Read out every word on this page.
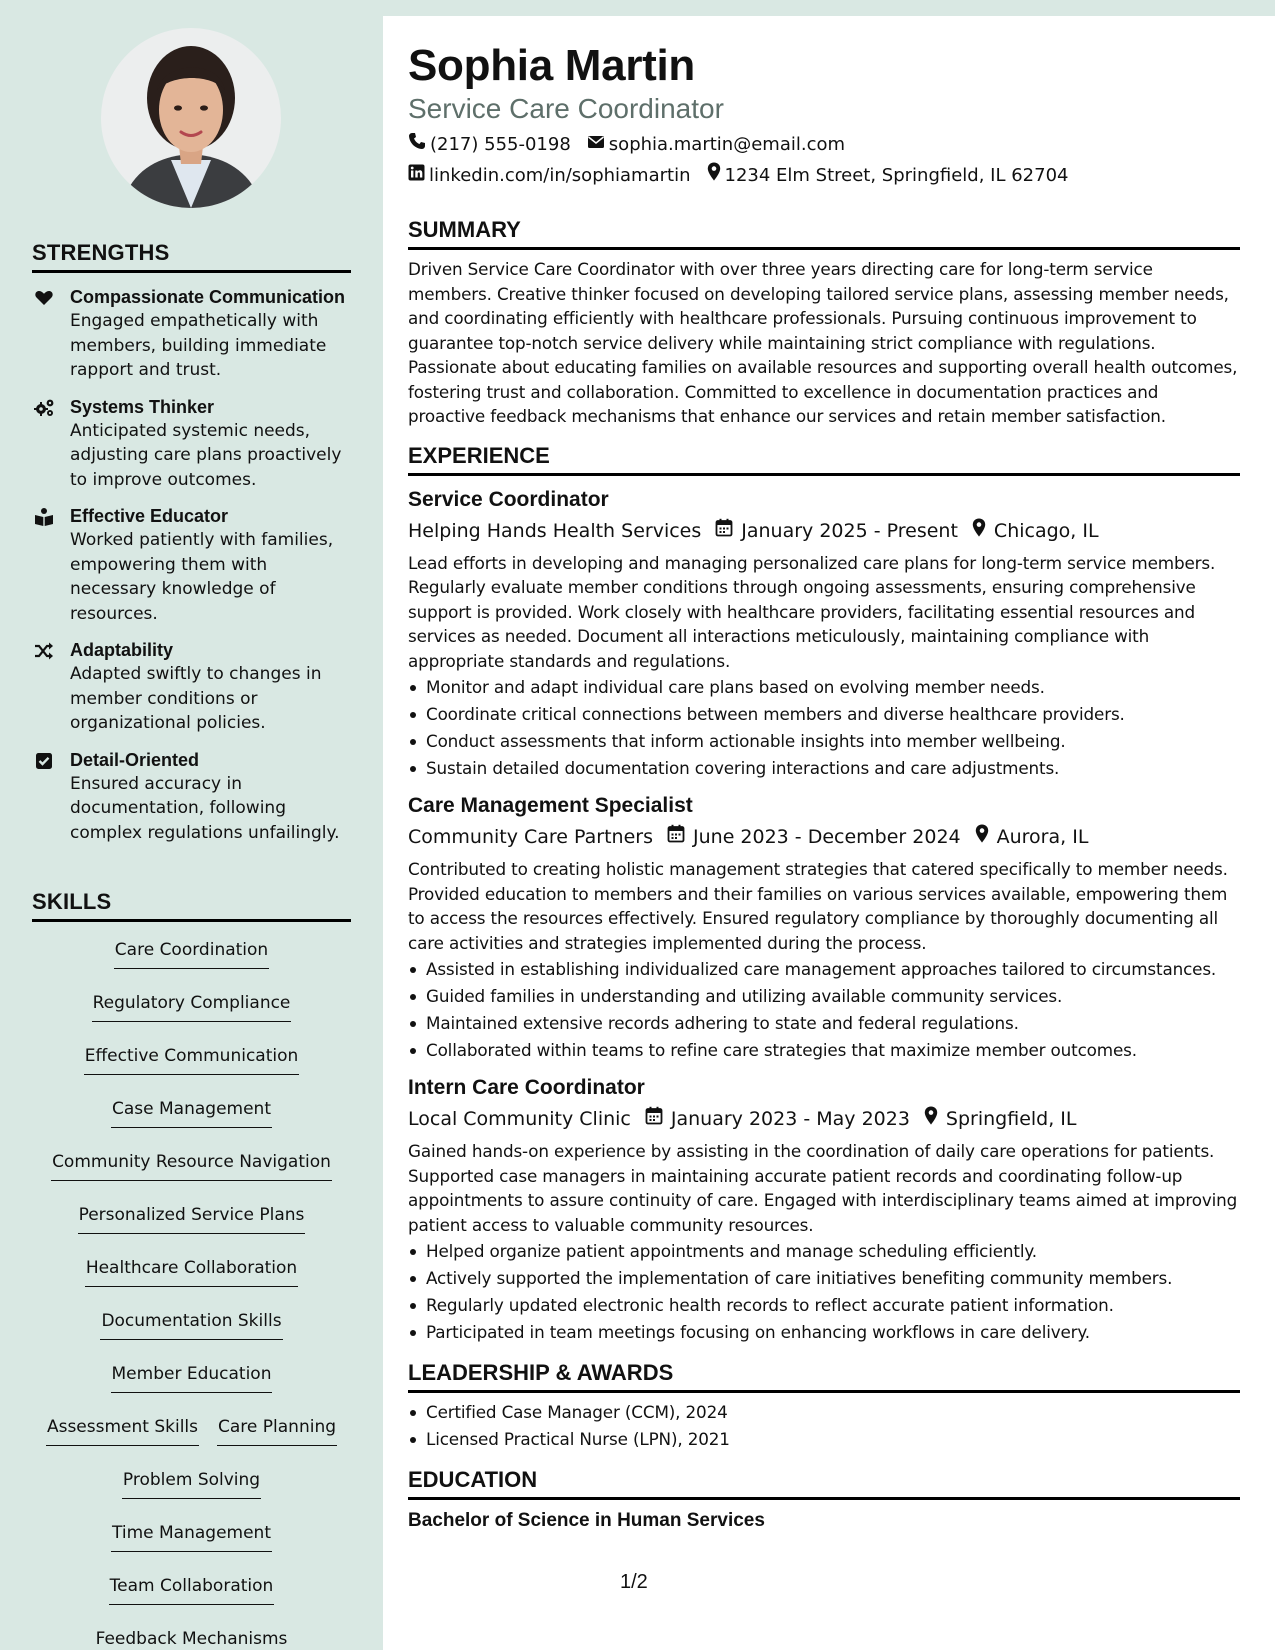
STRENGTHS
Compassionate Communication
Engaged empathetically with members, building immediate rapport and trust.
Systems Thinker
Anticipated systemic needs, adjusting care plans proactively to improve outcomes.
Effective Educator
Worked patiently with families, empowering them with necessary knowledge of resources.
Adaptability
Adapted swiftly to changes in member conditions or organizational policies.
Detail-Oriented
Ensured accuracy in documentation, following complex regulations unfailingly.
SKILLS
Care Coordination
Regulatory Compliance
Effective Communication
Case Management
Community Resource Navigation
Personalized Service Plans
Healthcare Collaboration
Documentation Skills
Member Education
Assessment Skills Care Planning
Problem Solving
Time Management
Team Collaboration
Feedback Mechanisms
Sophia Martin
Service Care Coordinator
(217) 555-0198 sophia.martin@email.com
linkedin.com/in/sophiamartin 1234 Elm Street, Springfield, IL 62704
SUMMARY
Driven Service Care Coordinator with over three years directing care for long-term service members. Creative thinker focused on developing tailored service plans, assessing member needs, and coordinating efficiently with healthcare professionals. Pursuing continuous improvement to guarantee top-notch service delivery while maintaining strict compliance with regulations. Passionate about educating families on available resources and supporting overall health outcomes, fostering trust and collaboration. Committed to excellence in documentation practices and proactive feedback mechanisms that enhance our services and retain member satisfaction.
EXPERIENCE
Service Coordinator
Helping Hands Health Services January 2025 - Present Chicago, IL
Lead efforts in developing and managing personalized care plans for long-term service members. Regularly evaluate member conditions through ongoing assessments, ensuring comprehensive support is provided. Work closely with healthcare providers, facilitating essential resources and services as needed. Document all interactions meticulously, maintaining compliance with appropriate standards and regulations.
Monitor and adapt individual care plans based on evolving member needs.
Coordinate critical connections between members and diverse healthcare providers.
Conduct assessments that inform actionable insights into member wellbeing.
Sustain detailed documentation covering interactions and care adjustments.
Care Management Specialist
Community Care Partners June 2023 - December 2024 Aurora, IL
Contributed to creating holistic management strategies that catered specifically to member needs. Provided education to members and their families on various services available, empowering them to access the resources effectively. Ensured regulatory compliance by thoroughly documenting all care activities and strategies implemented during the process.
Assisted in establishing individualized care management approaches tailored to circumstances.
Guided families in understanding and utilizing available community services.
Maintained extensive records adhering to state and federal regulations.
Collaborated within teams to refine care strategies that maximize member outcomes.
Intern Care Coordinator
Local Community Clinic January 2023 - May 2023 Springfield, IL
Gained hands-on experience by assisting in the coordination of daily care operations for patients. Supported case managers in maintaining accurate patient records and coordinating follow-up appointments to assure continuity of care. Engaged with interdisciplinary teams aimed at improving patient access to valuable community resources.
Helped organize patient appointments and manage scheduling efficiently.
Actively supported the implementation of care initiatives benefiting community members.
Regularly updated electronic health records to reflect accurate patient information.
Participated in team meetings focusing on enhancing workflows in care delivery.
LEADERSHIP & AWARDS
Certified Case Manager (CCM), 2024
Licensed Practical Nurse (LPN), 2021
EDUCATION
Bachelor of Science in Human Services
1/2
